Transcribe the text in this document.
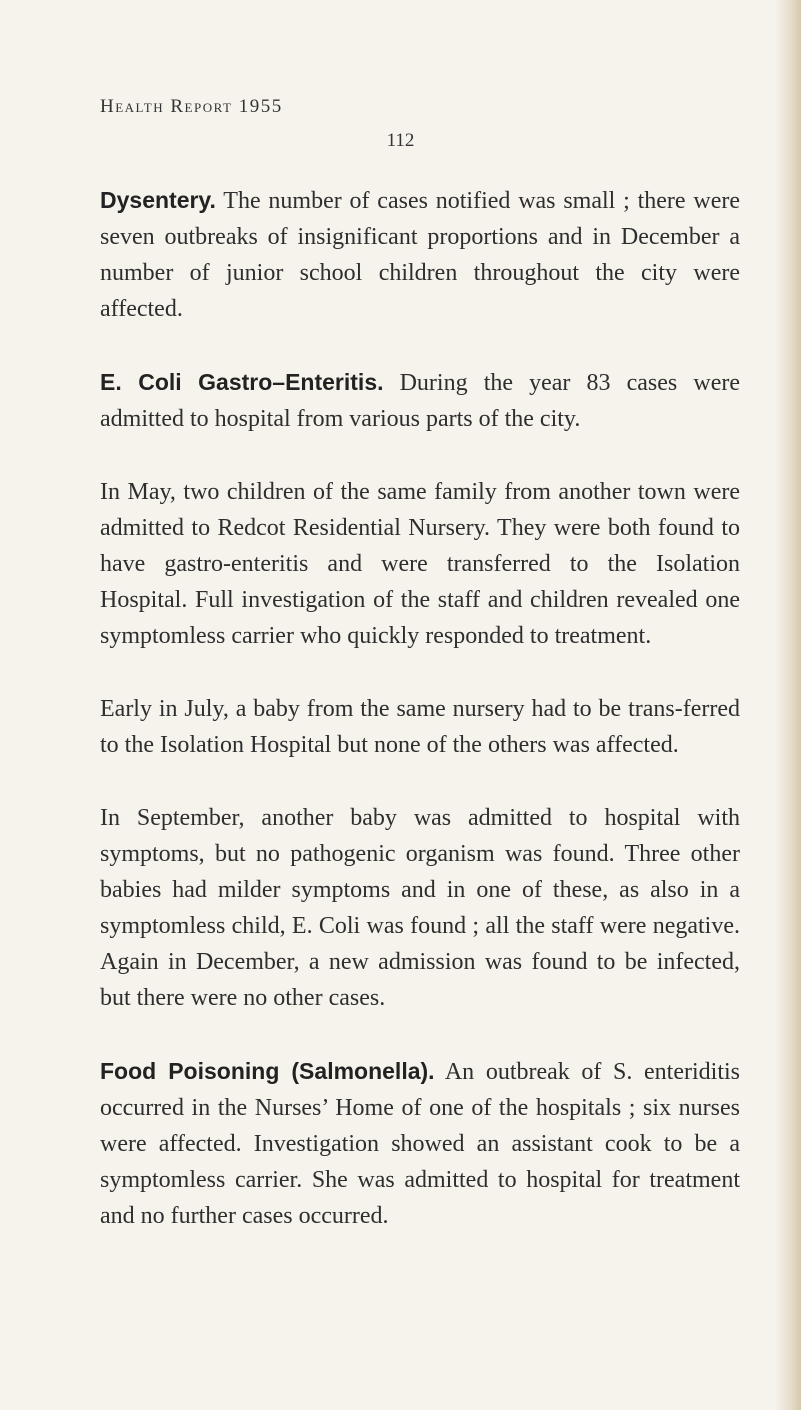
Health Report 1955
112

Dysentery. The number of cases notified was small ; there were seven outbreaks of insignificant proportions and in December a number of junior school children throughout the city were affected.

E. Coli Gastro–Enteritis. During the year 83 cases were admitted to hospital from various parts of the city.

In May, two children of the same family from another town were admitted to Redcot Residential Nursery. They were both found to have gastro-enteritis and were transferred to the Isolation Hospital. Full investigation of the staff and children revealed one symptomless carrier who quickly responded to treatment.

Early in July, a baby from the same nursery had to be trans-ferred to the Isolation Hospital but none of the others was affected.

In September, another baby was admitted to hospital with symptoms, but no pathogenic organism was found. Three other babies had milder symptoms and in one of these, as also in a symptomless child, E. Coli was found ; all the staff were negative. Again in December, a new admission was found to be infected, but there were no other cases.

Food Poisoning (Salmonella). An outbreak of S. enteriditis occurred in the Nurses’ Home of one of the hospitals ; six nurses were affected. Investigation showed an assistant cook to be a symptomless carrier. She was admitted to hospital for treatment and no further cases occurred.
